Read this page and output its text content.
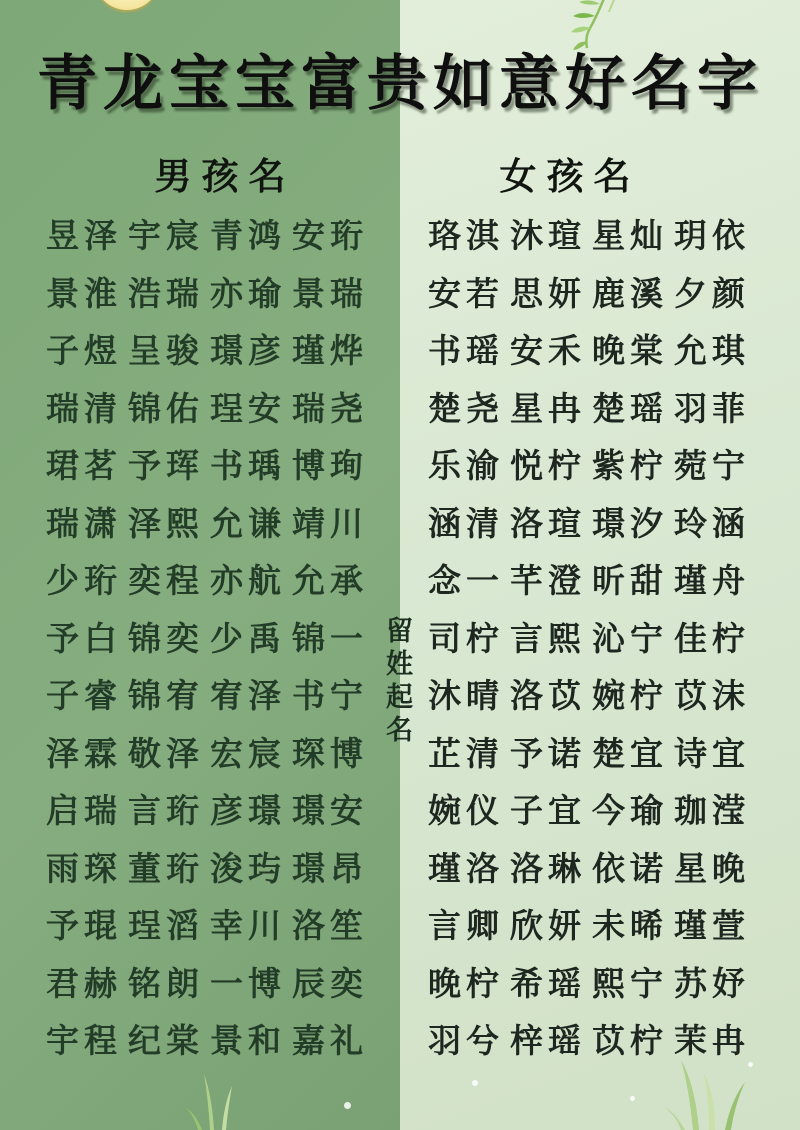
青龙宝宝富贵如意好名字
男孩名	女孩名
昱泽 宇宸 青鸿 安珩
景淮 浩瑞 亦瑜 景瑞
子煜 呈骏 璟彦 瑾烨
瑞清 锦佑 珵安 瑞尧
珺茗 予珲 书瑀 博珣
瑞潇 泽熙 允谦 靖川
少珩 奕程 亦航 允承
予白 锦奕 少禹 锦一
子睿 锦宥 宥泽 书宁
泽霖 敬泽 宏宸 琛博
启瑞 言珩 彦璟 璟安
雨琛 董珩 浚玙 璟昂
予琨 珵滔 幸川 洛笙
君赫 铭朗 一博 辰奕
宇程 纪棠 景和 嘉礼
珞淇 沐瑄 星灿 玥依
安若 思妍 鹿溪 夕颜
书瑶 安禾 晚棠 允琪
楚尧 星冉 楚瑶 羽菲
乐渝 悦柠 紫柠 菀宁
涵清 洛瑄 璟汐 玲涵
念一 芊澄 昕甜 瑾舟
司柠 言熙 沁宁 佳柠
沐晴 洛苡 婉柠 苡沫
芷清 予诺 楚宜 诗宜
婉仪 子宜 今瑜 珈滢
瑾洛 洛琳 依诺 星晚
言卿 欣妍 未晞 瑾萱
晚柠 希瑶 熙宁 苏妤
羽兮 梓瑶 苡柠 茉冉
留姓起名
